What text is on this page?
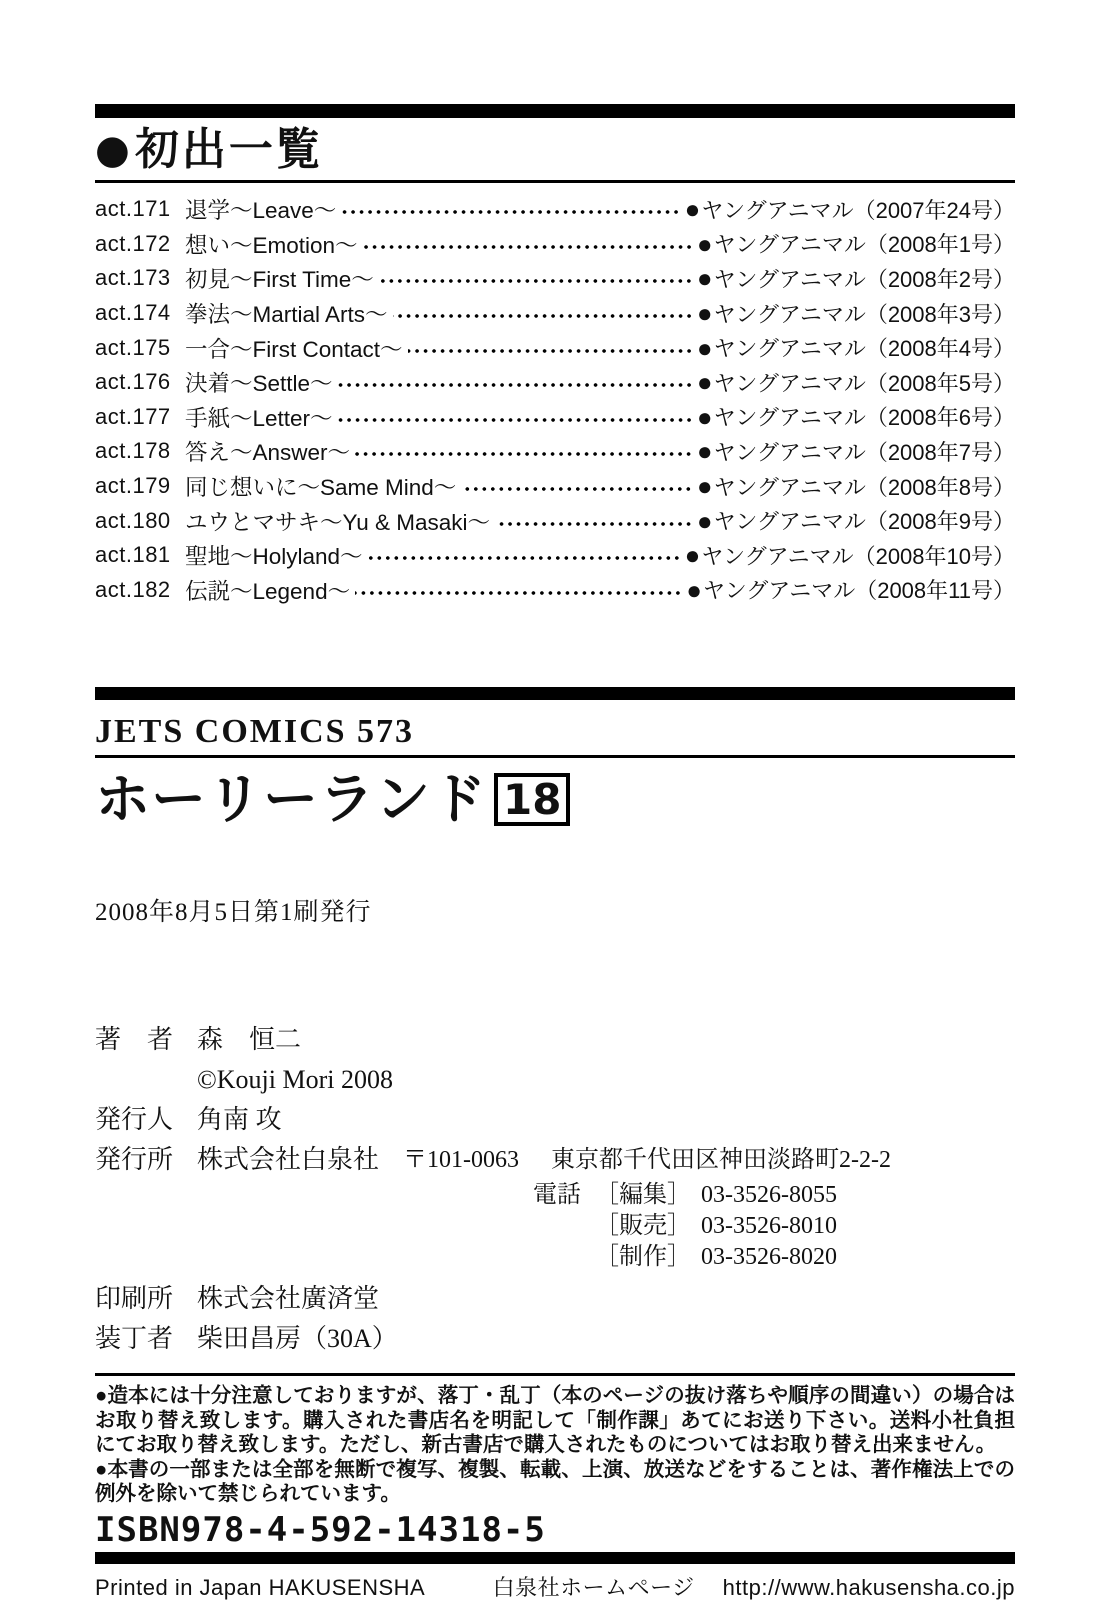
● 初出一覧
act.171 退学～Leave～	● ヤングアニマル（2007年24号）
act.172 想い～Emotion～	● ヤングアニマル（2008年1号）
act.173 初見～First Time～	● ヤングアニマル（2008年2号）
act.174 拳法～Martial Arts～	● ヤングアニマル（2008年3号）
act.175 一合～First Contact～	● ヤングアニマル（2008年4号）
act.176 決着～Settle～	● ヤングアニマル（2008年5号）
act.177 手紙～Letter～	● ヤングアニマル（2008年6号）
act.178 答え～Answer～	● ヤングアニマル（2008年7号）
act.179 同じ想いに～Same Mind～	● ヤングアニマル（2008年8号）
act.180 ユウとマサキ～Yu & Masaki～	● ヤングアニマル（2008年9号）
act.181 聖地～Holyland～	● ヤングアニマル（2008年10号）
act.182 伝説～Legend～	● ヤングアニマル（2008年11号）
JETS COMICS 573
ホーリーランド 18
2008年8月5日第1刷発行
著　者 森　恒二
©Kouji Mori 2008
発行人 角南 攻
発行所 株式会社白泉社 〒101-0063 東京都千代田区神田淡路町2-2-2
電話 ［編集］ 03-3526-8055
［販売］ 03-3526-8010
［制作］ 03-3526-8020
印刷所 株式会社廣済堂
装丁者 柴田昌房（30A）

●造本には十分注意しておりますが、落丁・乱丁（本のページの抜け落ちや順序の間違い）の場合はお取り替え致します。購入された書店名を明記して「制作課」あてにお送り下さい。送料小社負担にてお取り替え致します。ただし、新古書店で購入されたものについてはお取り替え出来ません。

●本書の一部または全部を無断で複写、複製、転載、上演、放送などをすることは、著作権法上での例外を除いて禁じられています。

ISBN978-4-592-14318-5
Printed in Japan HAKUSENSHA	白泉社ホームページ http://www.hakusensha.co.jp
